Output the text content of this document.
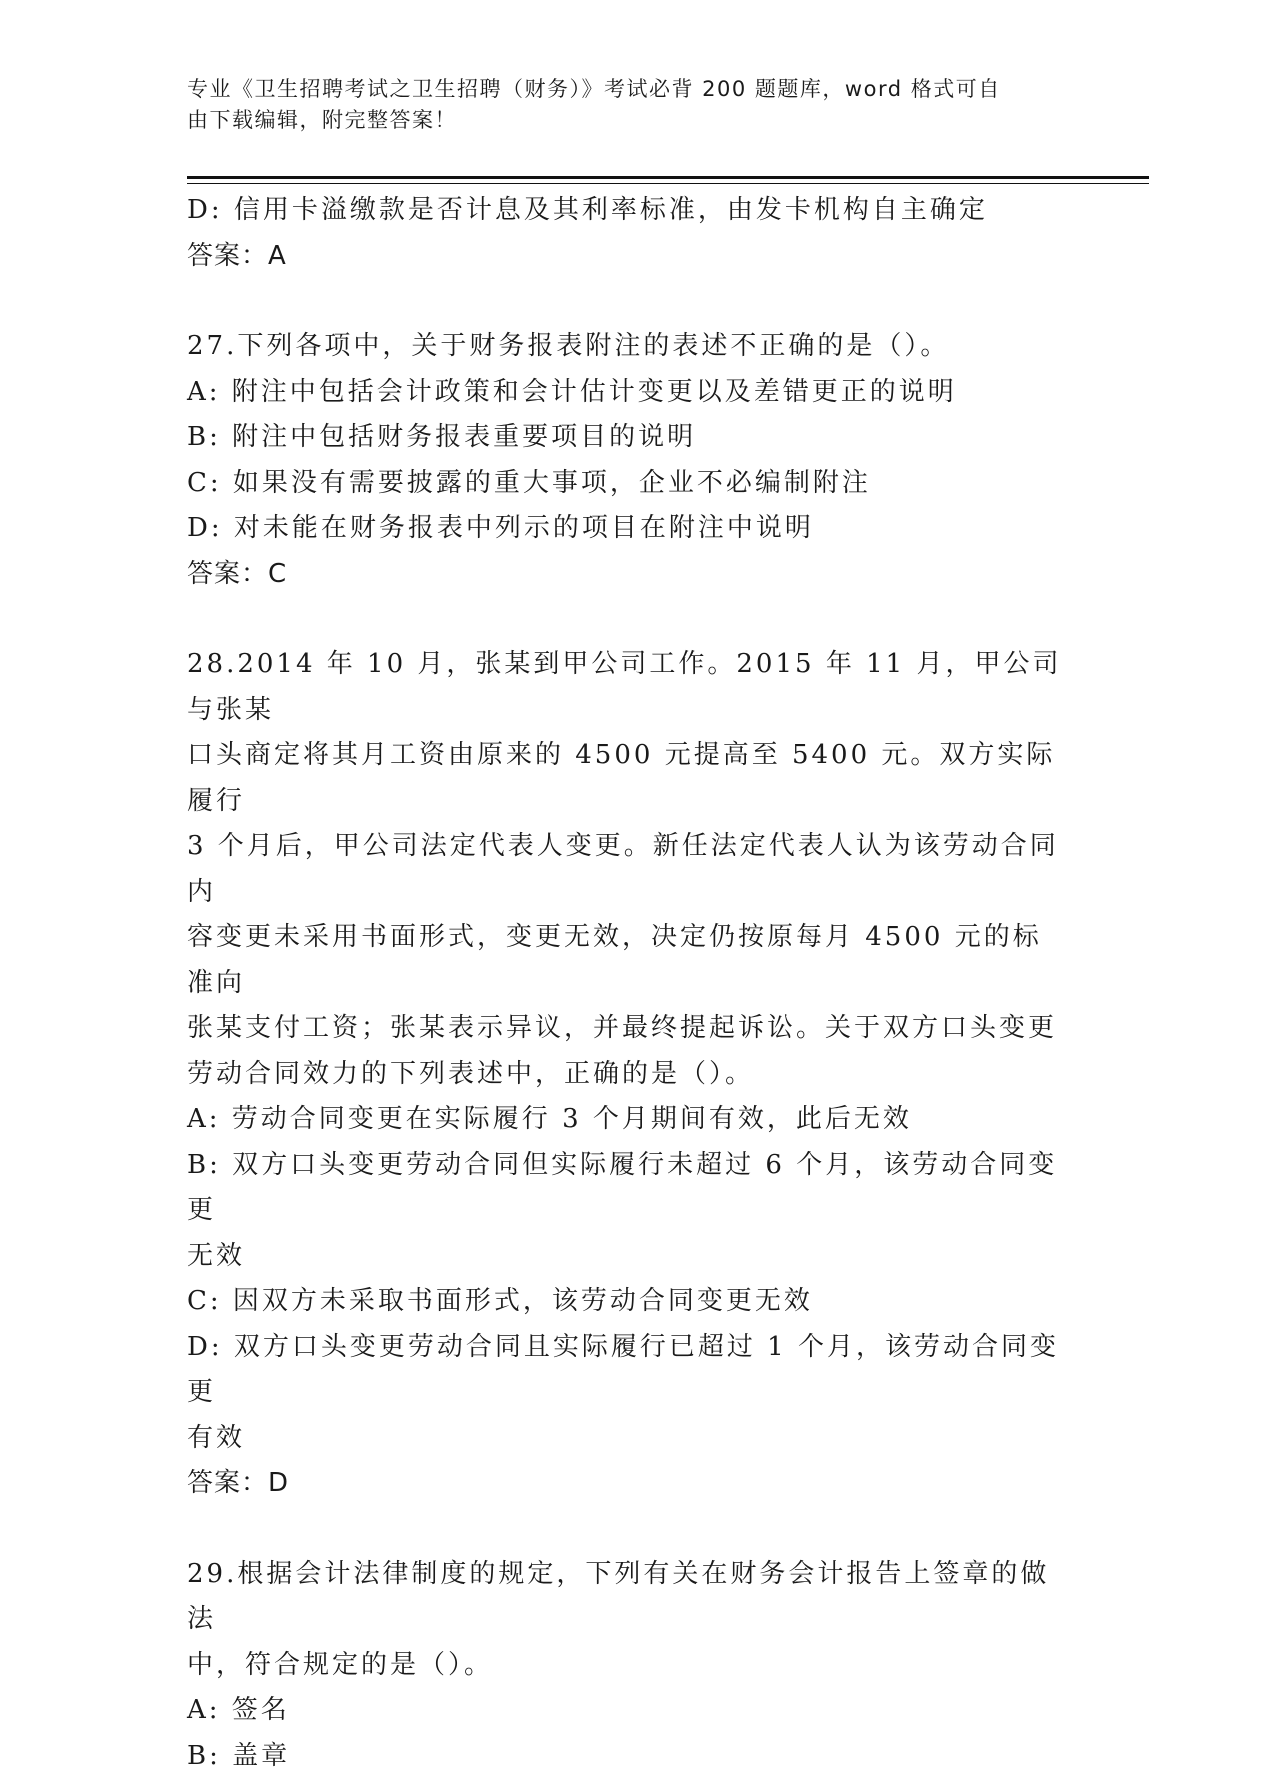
专业《卫生招聘考试之卫生招聘（财务）》考试必背 200 题题库，word 格式可自
由下载编辑，附完整答案！
D: 信用卡溢缴款是否计息及其利率标准，由发卡机构自主确定
答案：A
27.下列各项中，关于财务报表附注的表述不正确的是（）。
A: 附注中包括会计政策和会计估计变更以及差错更正的说明
B: 附注中包括财务报表重要项目的说明
C: 如果没有需要披露的重大事项，企业不必编制附注
D: 对未能在财务报表中列示的项目在附注中说明
答案：C
28.2014 年 10 月，张某到甲公司工作。2015 年 11 月，甲公司与张某
口头商定将其月工资由原来的 4500 元提高至 5400 元。双方实际履行
3 个月后，甲公司法定代表人变更。新任法定代表人认为该劳动合同内
容变更未采用书面形式，变更无效，决定仍按原每月 4500 元的标准向
张某支付工资；张某表示异议，并最终提起诉讼。关于双方口头变更
劳动合同效力的下列表述中，正确的是（）。
A: 劳动合同变更在实际履行 3 个月期间有效，此后无效
B: 双方口头变更劳动合同但实际履行未超过 6 个月，该劳动合同变更
无效
C: 因双方未采取书面形式，该劳动合同变更无效
D: 双方口头变更劳动合同且实际履行已超过 1 个月，该劳动合同变更
有效
答案：D
29.根据会计法律制度的规定，下列有关在财务会计报告上签章的做法
中，符合规定的是（）。
A: 签名
B: 盖章
